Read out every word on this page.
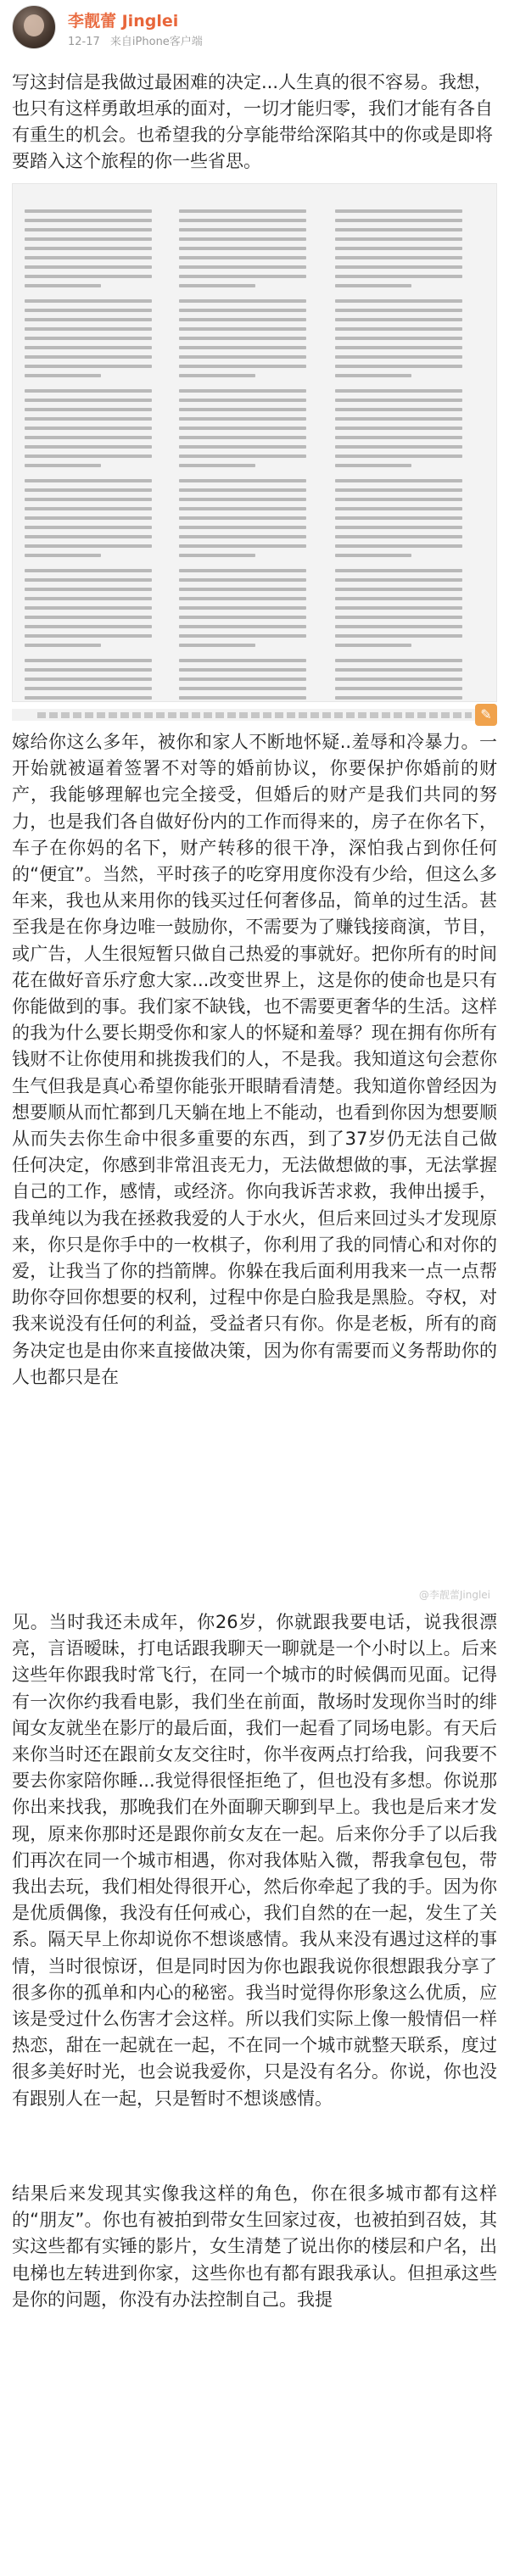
李靓蕾 Jinglei
12-17 来自iPhone客户端
写这封信是我做过最困难的决定...人生真的很不容易。我想，也只有这样勇敢坦承的面对，一切才能归零，我们才能有各自有重生的机会。也希望我的分享能带给深陷其中的你或是即将要踏入这个旅程的你一些省思。
✎
嫁给你这么多年，被你和家人不断地怀疑..羞辱和冷暴力。一开始就被逼着签署不对等的婚前协议，你要保护你婚前的财产，我能够理解也完全接受，但婚后的财产是我们共同的努力，也是我们各自做好份内的工作而得来的，房子在你名下，车子在你妈的名下，财产转移的很干净，深怕我占到你任何的“便宜”。当然，平时孩子的吃穿用度你没有少给，但这么多年来，我也从来用你的钱买过任何奢侈品，简单的过生活。甚至我是在你身边唯一鼓励你，不需要为了赚钱接商演，节目，或广告，人生很短暂只做自己热爱的事就好。把你所有的时间花在做好音乐疗愈大家...改变世界上，这是你的使命也是只有你能做到的事。我们家不缺钱，也不需要更奢华的生活。这样的我为什么要长期受你和家人的怀疑和羞辱？现在拥有你所有钱财不让你使用和挑拨我们的人，不是我。我知道这句会惹你生气但我是真心希望你能张开眼睛看清楚。我知道你曾经因为想要顺从而忙都到几天躺在地上不能动，也看到你因为想要顺从而失去你生命中很多重要的东西，到了37岁仍无法自己做任何决定，你感到非常沮丧无力，无法做想做的事，无法掌握自己的工作，感情，或经济。你向我诉苦求救，我伸出援手，我单纯以为我在拯救我爱的人于水火，但后来回过头才发现原来，你只是你手中的一枚棋子，你利用了我的同情心和对你的爱，让我当了你的挡箭牌。你躲在我后面利用我来一点一点帮助你夺回你想要的权利，过程中你是白脸我是黑脸。夺权，对我来说没有任何的利益，受益者只有你。你是老板，所有的商务决定也是由你来直接做决策，因为你有需要而义务帮助你的人也都只是在
@李靓蕾Jinglei
见。当时我还未成年，你26岁，你就跟我要电话，说我很漂亮，言语暧昧，打电话跟我聊天一聊就是一个小时以上。后来这些年你跟我时常飞行，在同一个城市的时候偶而见面。记得有一次你约我看电影，我们坐在前面，散场时发现你当时的绯闻女友就坐在影厅的最后面，我们一起看了同场电影。有天后来你当时还在跟前女友交往时，你半夜两点打给我，问我要不要去你家陪你睡...我觉得很怪拒绝了，但也没有多想。你说那你出来找我，那晚我们在外面聊天聊到早上。我也是后来才发现，原来你那时还是跟你前女友在一起。后来你分手了以后我们再次在同一个城市相遇，你对我体贴入微，帮我拿包包，带我出去玩，我们相处得很开心，然后你牵起了我的手。因为你是优质偶像，我没有任何戒心，我们自然的在一起，发生了关系。隔天早上你却说你不想谈感情。我从来没有遇过这样的事情，当时很惊讶，但是同时因为你也跟我说你很想跟我分享了很多你的孤单和内心的秘密。我当时觉得你形象这么优质，应该是受过什么伤害才会这样。所以我们实际上像一般情侣一样热恋，甜在一起就在一起，不在同一个城市就整天联系，度过很多美好时光，也会说我爱你，只是没有名分。你说，你也没有跟别人在一起，只是暂时不想谈感情。
结果后来发现其实像我这样的角色，你在很多城市都有这样的“朋友”。你也有被拍到带女生回家过夜，也被拍到召妓，其实这些都有实锤的影片，女生清楚了说出你的楼层和户名，出电梯也左转进到你家，这些你也有都有跟我承认。但担承这些是你的问题，你没有办法控制自己。我提
